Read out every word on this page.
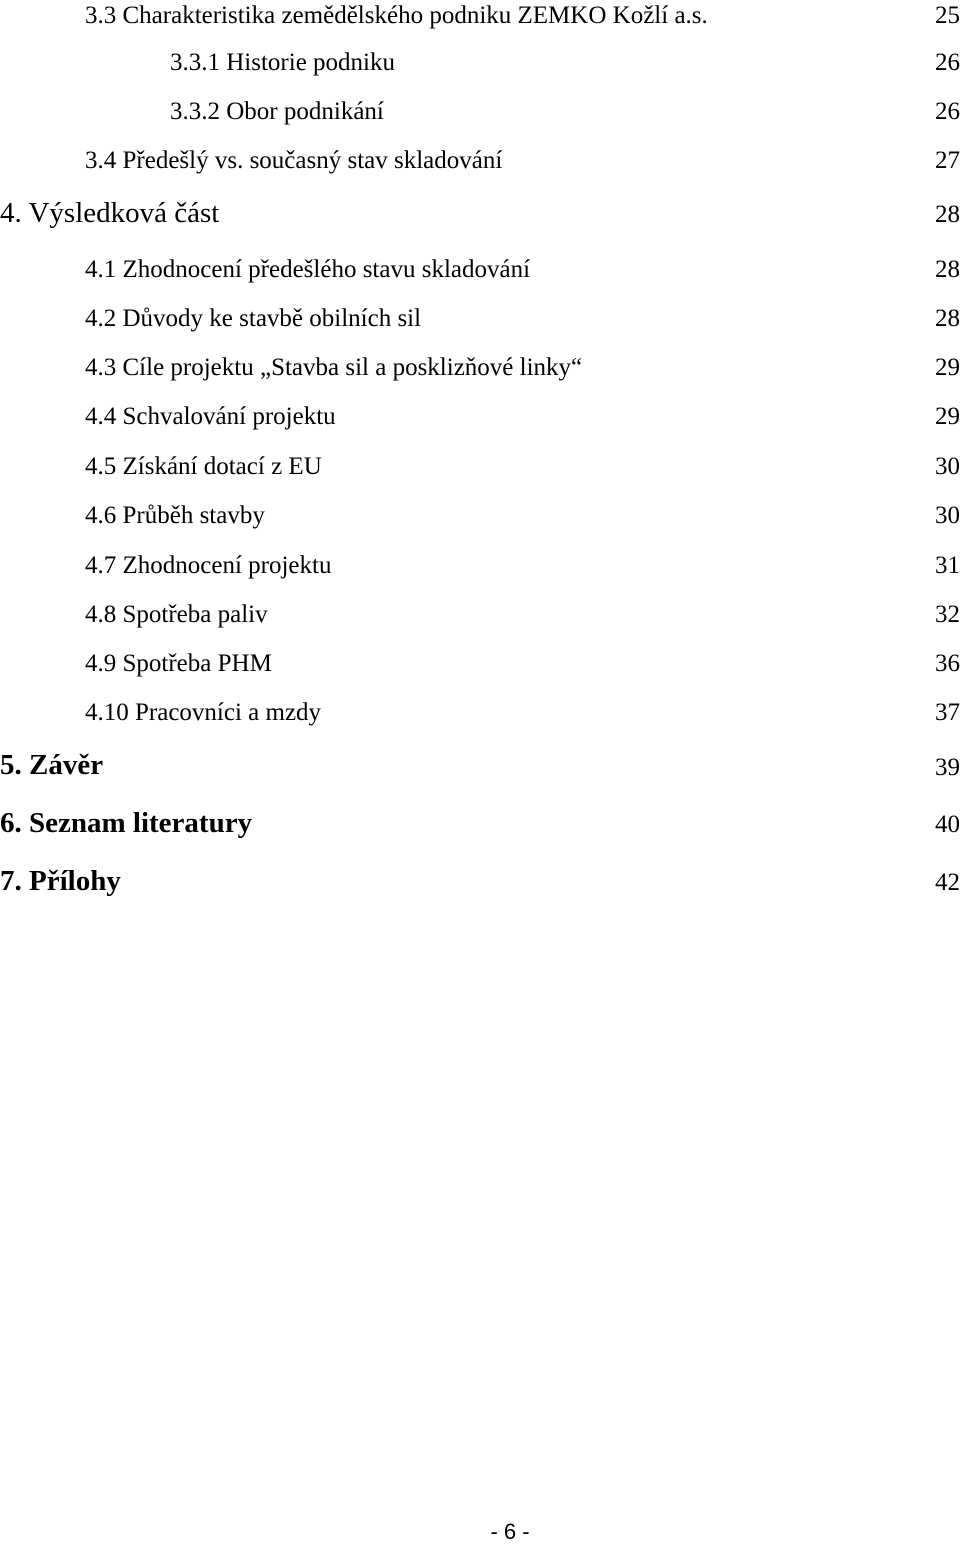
3.3 Charakteristika zemědělského podniku ZEMKO Kožlí a.s.	25
3.3.1 Historie podniku	26
3.3.2 Obor podnikání	26
3.4 Předešlý vs. současný stav skladování	27
4. Výsledková část	28
4.1 Zhodnocení předešlého stavu skladování	28
4.2 Důvody ke stavbě obilních sil	28
4.3 Cíle projektu „Stavba sil a posklizňové linky“	29
4.4 Schvalování projektu	29
4.5 Získání dotací z EU	30
4.6 Průběh stavby	30
4.7 Zhodnocení projektu	31
4.8 Spotřeba paliv	32
4.9 Spotřeba PHM	36
4.10 Pracovníci a mzdy	37
5. Závěr	39
6. Seznam literatury	40
7. Přílohy	42
- 6 -
